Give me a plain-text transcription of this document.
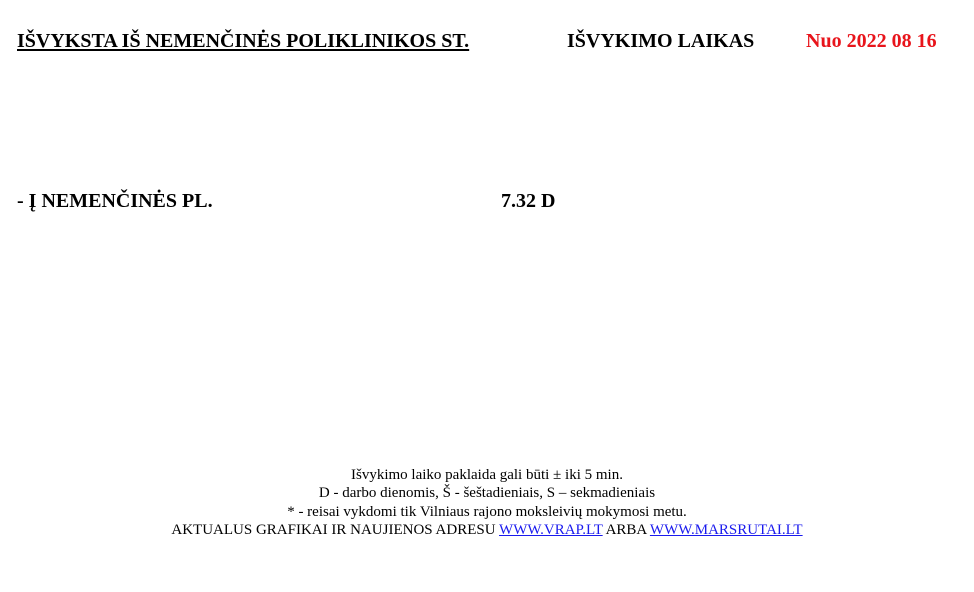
IŠVYKSTA IŠ NEMENČINĖS POLIKLINIKOS ST.	IŠVYKIMO LAIKAS	Nuo 2022 08 16
- Į NEMENČINĖS PL.	7.32 D
Išvykimo laiko paklaida gali būti ± iki 5 min.
D - darbo dienomis, Š - šeštadieniais, S – sekmadieniais
* - reisai vykdomi tik Vilniaus rajono moksleivių mokymosi metu.
AKTUALUS GRAFIKAI IR NAUJIENOS ADRESU WWW.VRAP.LT ARBA WWW.MARSRUTAI.LT
